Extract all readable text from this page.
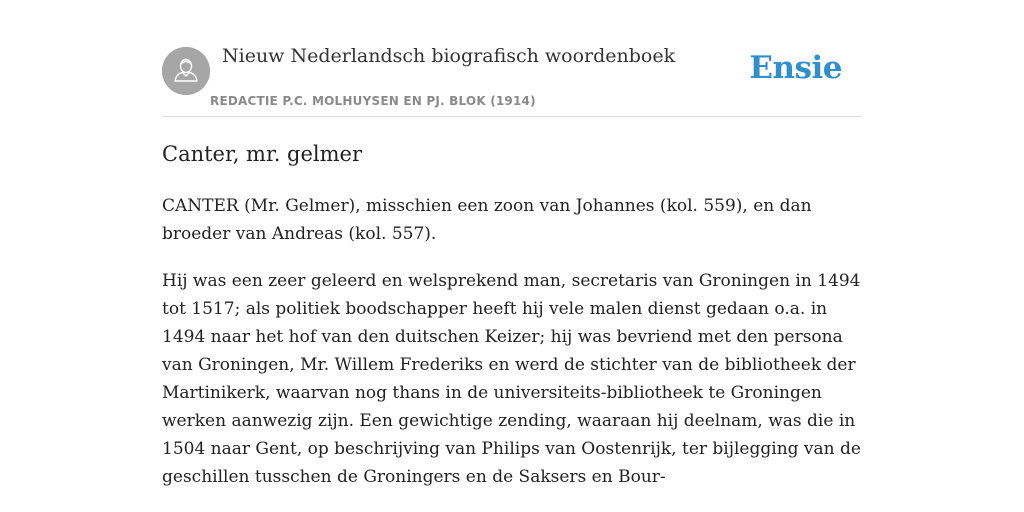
Nieuw Nederlandsch biografisch woordenboek
REDACTIE P.C. MOLHUYSEN EN PJ. BLOK (1914)
Ensie
Canter, mr. gelmer

CANTER (Mr. Gelmer), misschien een zoon van Johannes (kol. 559), en dan broeder van Andreas (kol. 557).

Hij was een zeer geleerd en welsprekend man, secretaris van Groningen in 1494 tot 1517; als politiek boodschapper heeft hij vele malen dienst gedaan o.a. in 1494 naar het hof van den duitschen Keizer; hij was bevriend met den persona van Groningen, Mr. Willem Frederiks en werd de stichter van de bibliotheek der Martinikerk, waarvan nog thans in de universiteits-bibliotheek te Groningen werken aanwezig zijn. Een gewichtige zending, waaraan hij deelnam, was die in 1504 naar Gent, op beschrijving van Philips van Oostenrijk, ter bijlegging van de geschillen tusschen de Groningers en de Saksers en Bour-
